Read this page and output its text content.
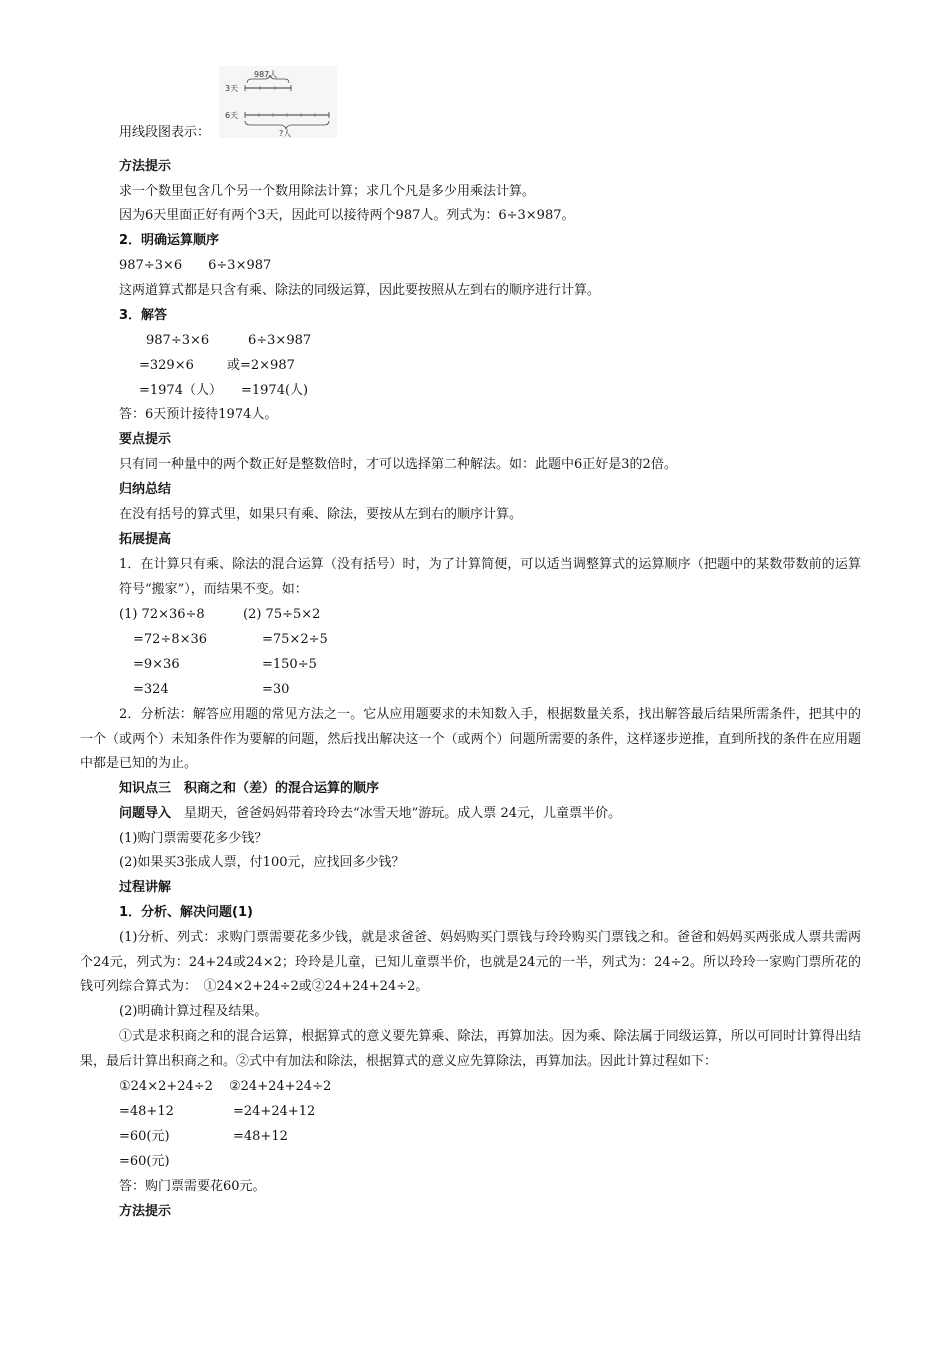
987人
3天
6天
?人
用线段图表示：
方法提示
求一个数里包含几个另一个数用除法计算；求几个凡是多少用乘法计算。
因为6天里面正好有两个3天，因此可以接待两个987人。列式为：6÷3×987。
2．明确运算顺序
987÷3×6　　6÷3×987
这两道算式都是只含有乘、除法的同级运算，因此要按照从左到右的顺序进行计算。
3．解答
987÷3×6
=329×6
=1974（人）
6÷3×987
或=2×987
=1974(人)
答：6天预计接待1974人。
要点提示
只有同一种量中的两个数正好是整数倍时，才可以选择第二种解法。如：此题中6正好是3的2倍。
归纳总结
在没有括号的算式里，如果只有乘、除法，要按从左到右的顺序计算。
拓展提高
1．在计算只有乘、除法的混合运算（没有括号）时，为了计算简便，可以适当调整算式的运算顺序（把题中的某数带数前的运算符号“搬家”），而结果不变。如：
(1) 72×36÷8
=72÷8×36
=9×36
=324
(2) 75÷5×2
=75×2÷5
=150÷5
=30
2．分析法：解答应用题的常见方法之一。它从应用题要求的未知数入手，根据数量关系，找出解答最后结果所需条件，把其中的一个（或两个）未知条件作为要解的问题，然后找出解决这一个（或两个）问题所需要的条件，这样逐步逆推，直到所找的条件在应用题中都是已知的为止。
知识点三　积商之和（差）的混合运算的顺序
问题导入　星期天，爸爸妈妈带着玲玲去“冰雪天地”游玩。成人票 24元，儿童票半价。
(1)购门票需要花多少钱？
(2)如果买3张成人票，付100元，应找回多少钱？
过程讲解
1．分析、解决问题(1)
(1)分析、列式：求购门票需要花多少钱，就是求爸爸、妈妈购买门票钱与玲玲购买门票钱之和。爸爸和妈妈买两张成人票共需两个24元，列式为：24+24或24×2；玲玲是儿童，已知儿童票半价，也就是24元的一半，列式为：24÷2。所以玲玲一家购门票所花的钱可列综合算式为：　①24×2+24÷2或②24+24+24÷2。
(2)明确计算过程及结果。
①式是求积商之和的混合运算，根据算式的意义要先算乘、除法，再算加法。因为乘、除法属于同级运算，所以可同时计算得出结果，最后计算出积商之和。②式中有加法和除法，根据算式的意义应先算除法，再算加法。因此计算过程如下：
①24×2+24÷2
=48+12
=60(元)
=60(元)
②24+24+24÷2
=24+24+12
=48+12
答：购门票需要花60元。
方法提示
